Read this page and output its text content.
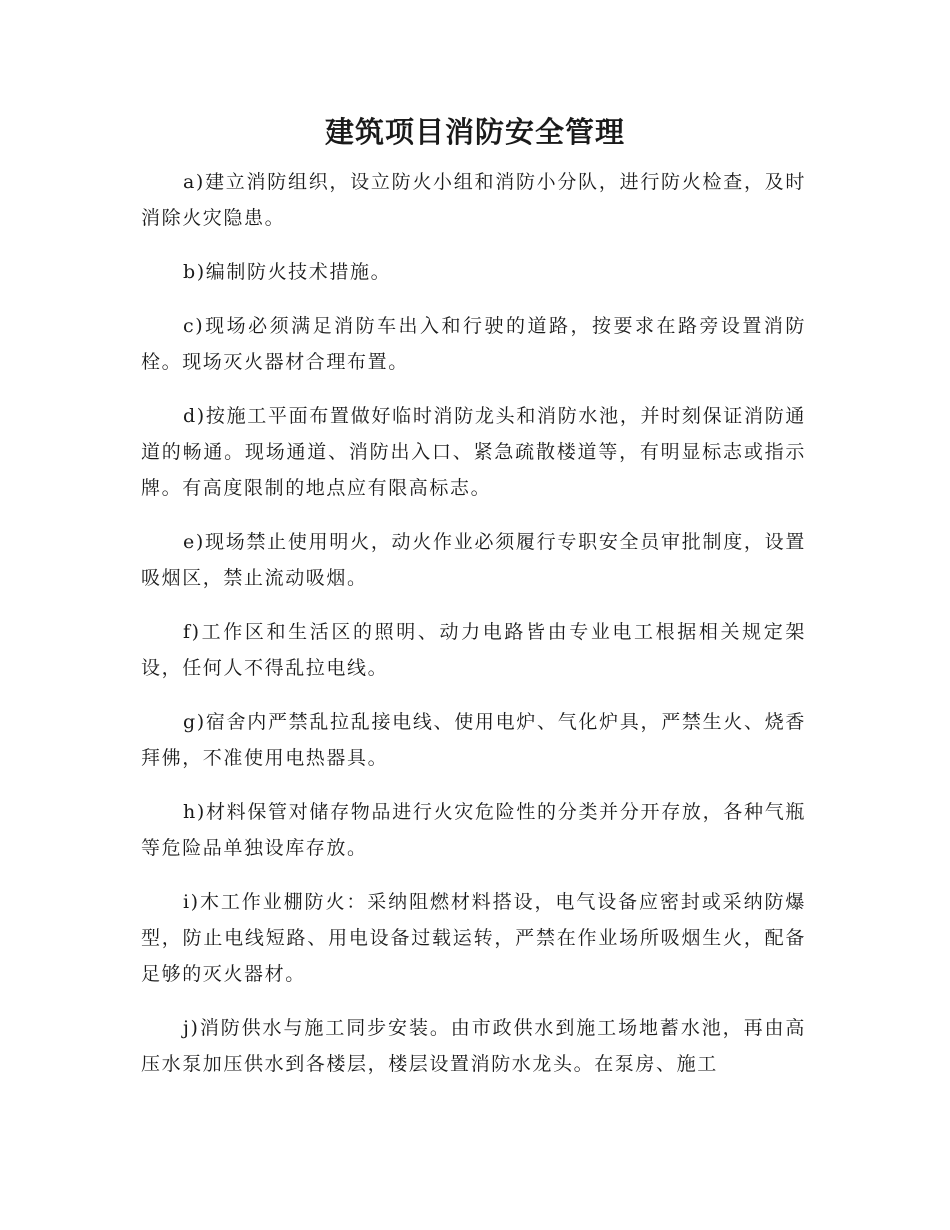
建筑项目消防安全管理

a)建立消防组织，设立防火小组和消防小分队，进行防火检查，及时消除火灾隐患。

b)编制防火技术措施。

c)现场必须满足消防车出入和行驶的道路，按要求在路旁设置消防栓。现场灭火器材合理布置。

d)按施工平面布置做好临时消防龙头和消防水池，并时刻保证消防通道的畅通。现场通道、消防出入口、紧急疏散楼道等，有明显标志或指示牌。有高度限制的地点应有限高标志。

e)现场禁止使用明火，动火作业必须履行专职安全员审批制度，设置吸烟区，禁止流动吸烟。

f)工作区和生活区的照明、动力电路皆由专业电工根据相关规定架设，任何人不得乱拉电线。

g)宿舍内严禁乱拉乱接电线、使用电炉、气化炉具，严禁生火、烧香拜佛，不准使用电热器具。

h)材料保管对储存物品进行火灾危险性的分类并分开存放，各种气瓶等危险品单独设库存放。

i)木工作业棚防火：采纳阻燃材料搭设，电气设备应密封或采纳防爆型，防止电线短路、用电设备过载运转，严禁在作业场所吸烟生火，配备足够的灭火器材。

j)消防供水与施工同步安装。由市政供水到施工场地蓄水池，再由高压水泵加压供水到各楼层，楼层设置消防水龙头。在泵房、施工
